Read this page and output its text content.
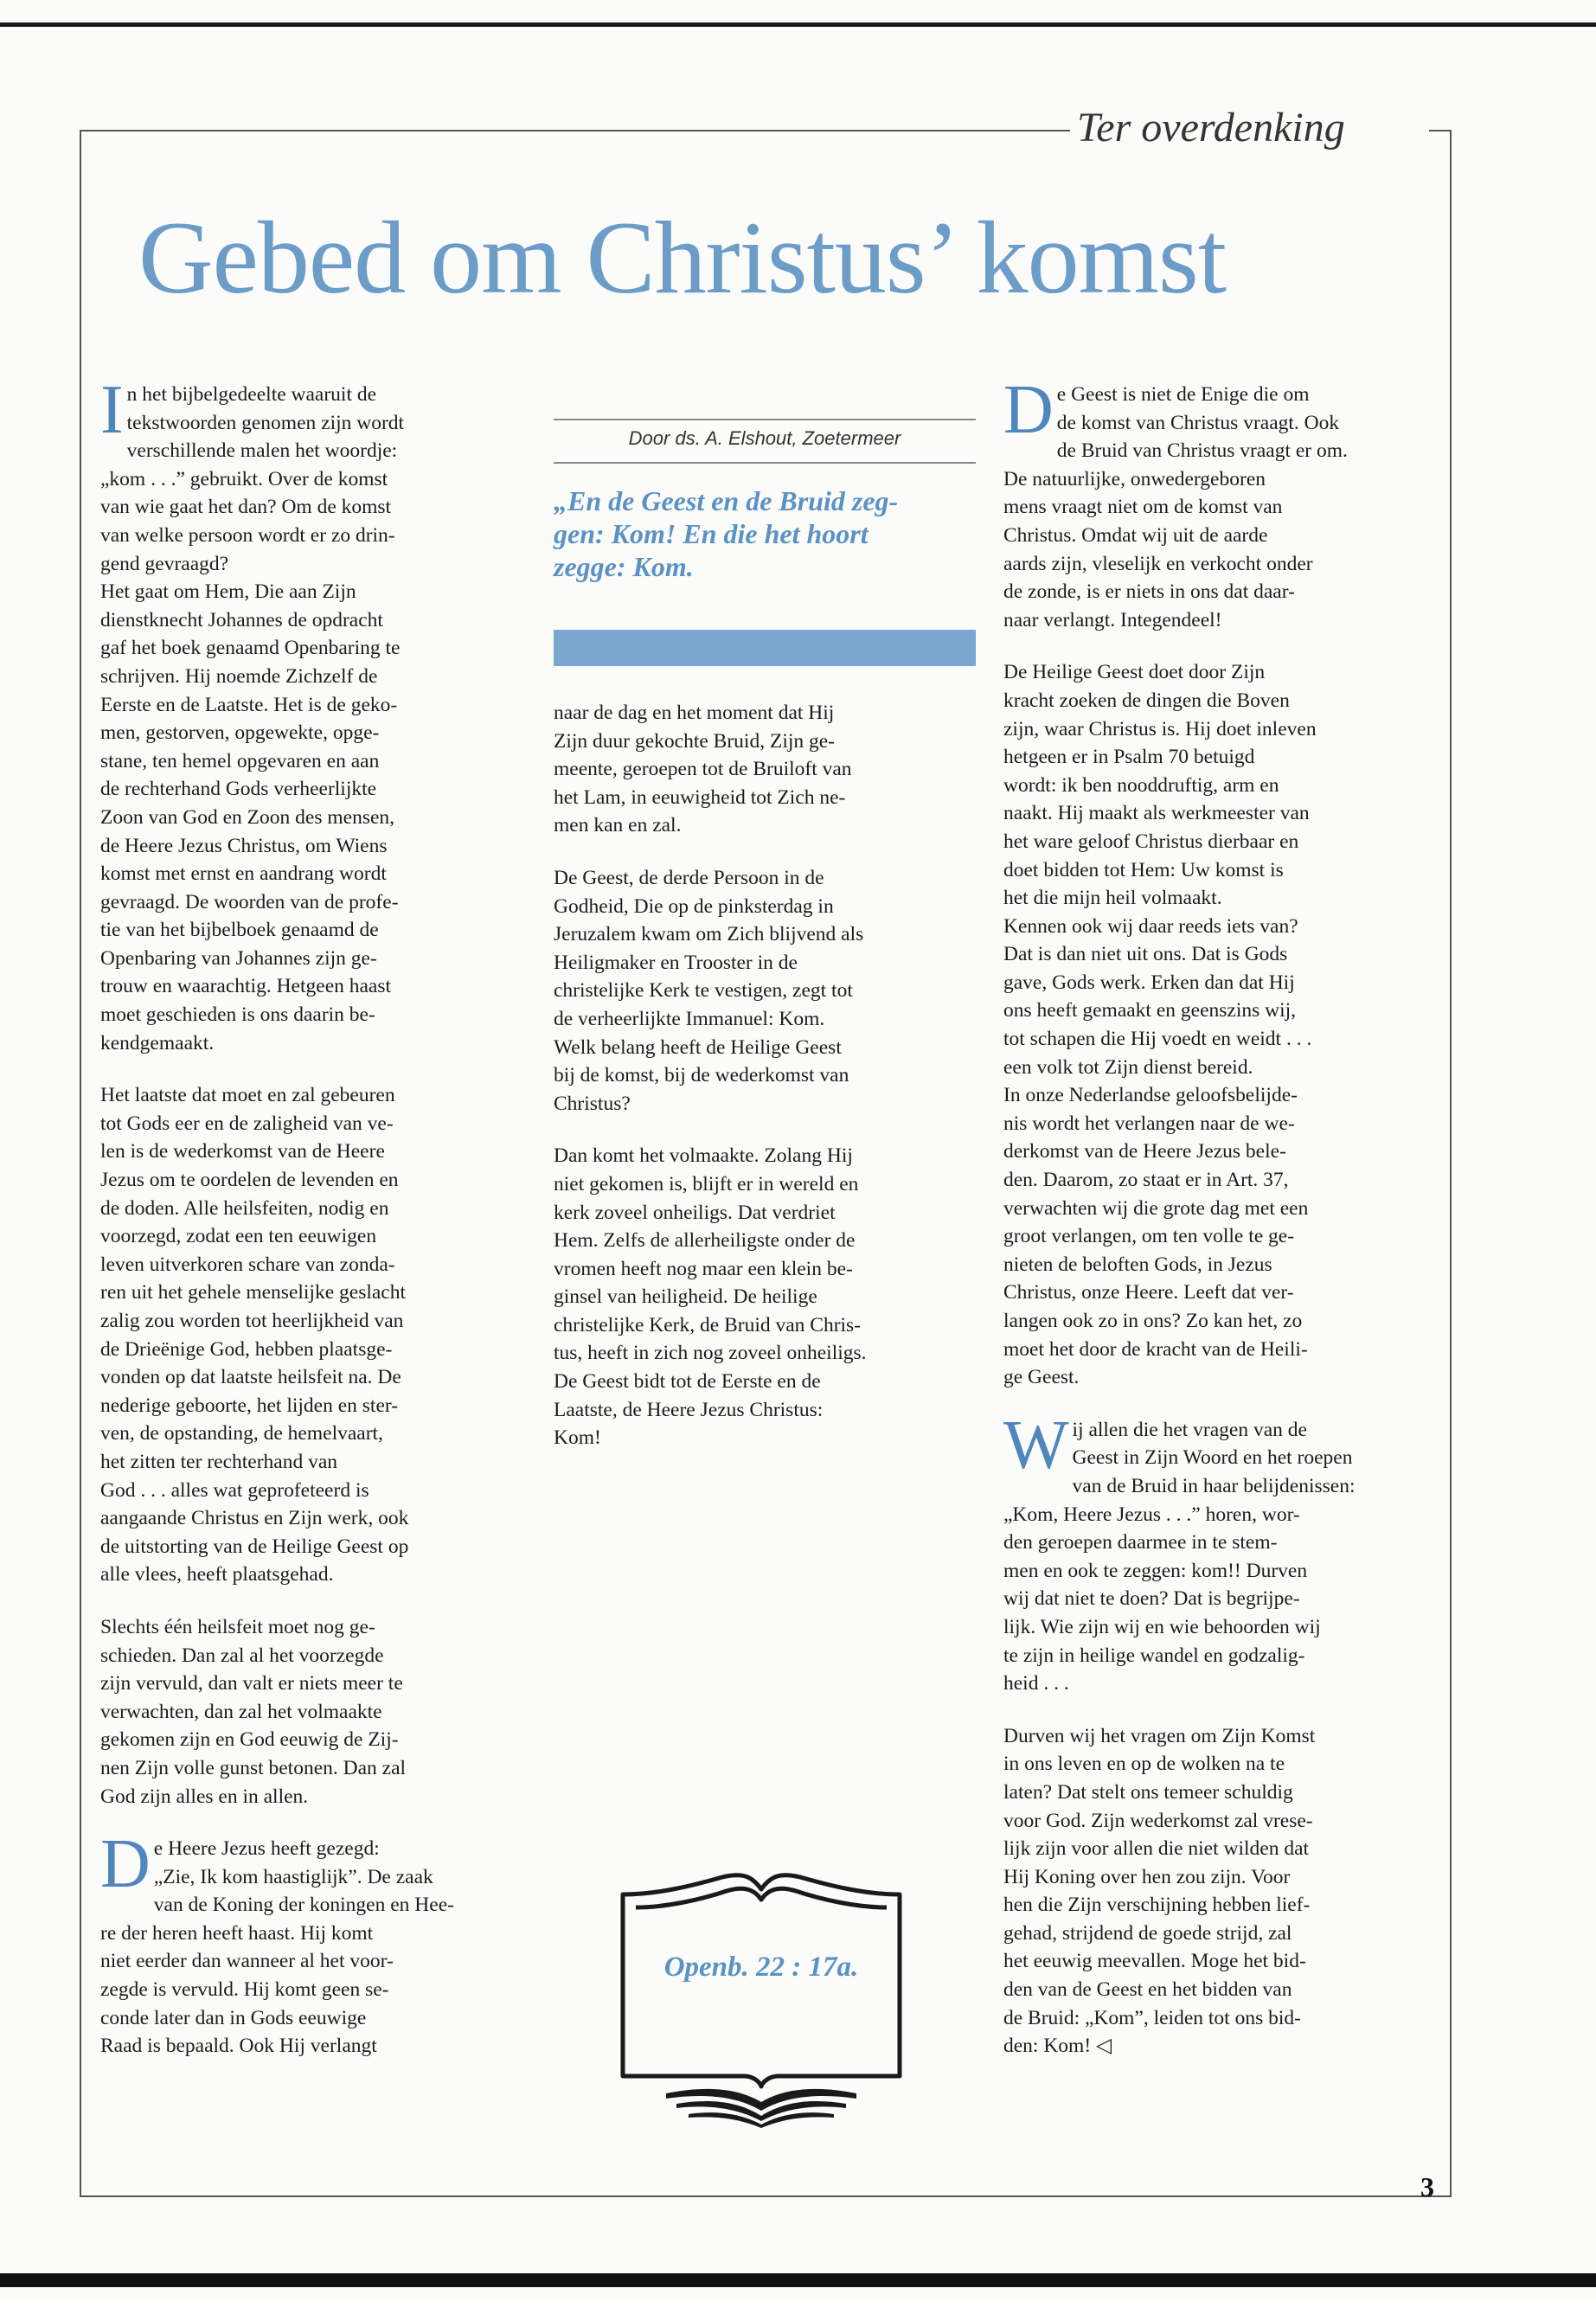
Ter overdenking
Gebed om Christus’ komst

In het bijbelgedeelte waaruit de
tekstwoorden genomen zijn wordt
verschillende malen het woordje:
„kom . . .” gebruikt. Over de komst
van wie gaat het dan? Om de komst
van welke persoon wordt er zo drin-
gend gevraagd?
Het gaat om Hem, Die aan Zijn
dienstknecht Johannes de opdracht
gaf het boek genaamd Openbaring te
schrijven. Hij noemde Zichzelf de
Eerste en de Laatste. Het is de geko-
men, gestorven, opgewekte, opge-
stane, ten hemel opgevaren en aan
de rechterhand Gods verheerlijkte
Zoon van God en Zoon des mensen,
de Heere Jezus Christus, om Wiens
komst met ernst en aandrang wordt
gevraagd. De woorden van de profe-
tie van het bijbelboek genaamd de
Openbaring van Johannes zijn ge-
trouw en waarachtig. Hetgeen haast
moet geschieden is ons daarin be-
kendgemaakt.

Het laatste dat moet en zal gebeuren
tot Gods eer en de zaligheid van ve-
len is de wederkomst van de Heere
Jezus om te oordelen de levenden en
de doden. Alle heilsfeiten, nodig en
voorzegd, zodat een ten eeuwigen
leven uitverkoren schare van zonda-
ren uit het gehele menselijke geslacht
zalig zou worden tot heerlijkheid van
de Drieënige God, hebben plaatsge-
vonden op dat laatste heilsfeit na. De
nederige geboorte, het lijden en ster-
ven, de opstanding, de hemelvaart,
het zitten ter rechterhand van
God . . . alles wat geprofeteerd is
aangaande Christus en Zijn werk, ook
de uitstorting van de Heilige Geest op
alle vlees, heeft plaatsgehad.

Slechts één heilsfeit moet nog ge-
schieden. Dan zal al het voorzegde
zijn vervuld, dan valt er niets meer te
verwachten, dan zal het volmaakte
gekomen zijn en God eeuwig de Zij-
nen Zijn volle gunst betonen. Dan zal
God zijn alles en in allen.

De Heere Jezus heeft gezegd:
„Zie, Ik kom haastiglijk”. De zaak
van de Koning der koningen en Hee-
re der heren heeft haast. Hij komt
niet eerder dan wanneer al het voor-
zegde is vervuld. Hij komt geen se-
conde later dan in Gods eeuwige
Raad is bepaald. Ook Hij verlangt

Door ds. A. Elshout, Zoetermeer
„En de Geest en de Bruid zeg-
gen: Kom! En die het hoort
zegge: Kom.

naar de dag en het moment dat Hij
Zijn duur gekochte Bruid, Zijn ge-
meente, geroepen tot de Bruiloft van
het Lam, in eeuwigheid tot Zich ne-
men kan en zal.

De Geest, de derde Persoon in de
Godheid, Die op de pinksterdag in
Jeruzalem kwam om Zich blijvend als
Heiligmaker en Trooster in de
christelijke Kerk te vestigen, zegt tot
de verheerlijkte Immanuel: Kom.
Welk belang heeft de Heilige Geest
bij de komst, bij de wederkomst van
Christus?

Dan komt het volmaakte. Zolang Hij
niet gekomen is, blijft er in wereld en
kerk zoveel onheiligs. Dat verdriet
Hem. Zelfs de allerheiligste onder de
vromen heeft nog maar een klein be-
ginsel van heiligheid. De heilige
christelijke Kerk, de Bruid van Chris-
tus, heeft in zich nog zoveel onheiligs.
De Geest bidt tot de Eerste en de
Laatste, de Heere Jezus Christus:
Kom!

Openb. 22 : 17a.

De Geest is niet de Enige die om
de komst van Christus vraagt. Ook
de Bruid van Christus vraagt er om.
De natuurlijke, onwedergeboren
mens vraagt niet om de komst van
Christus. Omdat wij uit de aarde
aards zijn, vleselijk en verkocht onder
de zonde, is er niets in ons dat daar-
naar verlangt. Integendeel!

De Heilige Geest doet door Zijn
kracht zoeken de dingen die Boven
zijn, waar Christus is. Hij doet inleven
hetgeen er in Psalm 70 betuigd
wordt: ik ben nooddruftig, arm en
naakt. Hij maakt als werkmeester van
het ware geloof Christus dierbaar en
doet bidden tot Hem: Uw komst is
het die mijn heil volmaakt.
Kennen ook wij daar reeds iets van?
Dat is dan niet uit ons. Dat is Gods
gave, Gods werk. Erken dan dat Hij
ons heeft gemaakt en geenszins wij,
tot schapen die Hij voedt en weidt . . .
een volk tot Zijn dienst bereid.
In onze Nederlandse geloofsbelijde-
nis wordt het verlangen naar de we-
derkomst van de Heere Jezus bele-
den. Daarom, zo staat er in Art. 37,
verwachten wij die grote dag met een
groot verlangen, om ten volle te ge-
nieten de beloften Gods, in Jezus
Christus, onze Heere. Leeft dat ver-
langen ook zo in ons? Zo kan het, zo
moet het door de kracht van de Heili-
ge Geest.

Wij allen die het vragen van de
Geest in Zijn Woord en het roepen
van de Bruid in haar belijdenissen:
„Kom, Heere Jezus . . .” horen, wor-
den geroepen daarmee in te stem-
men en ook te zeggen: kom!! Durven
wij dat niet te doen? Dat is begrijpe-
lijk. Wie zijn wij en wie behoorden wij
te zijn in heilige wandel en godzalig-
heid . . .

Durven wij het vragen om Zijn Komst
in ons leven en op de wolken na te
laten? Dat stelt ons temeer schuldig
voor God. Zijn wederkomst zal vrese-
lijk zijn voor allen die niet wilden dat
Hij Koning over hen zou zijn. Voor
hen die Zijn verschijning hebben lief-
gehad, strijdend de goede strijd, zal
het eeuwig meevallen. Moge het bid-
den van de Geest en het bidden van
de Bruid: „Kom”, leiden tot ons bid-
den: Kom! ◁

3
